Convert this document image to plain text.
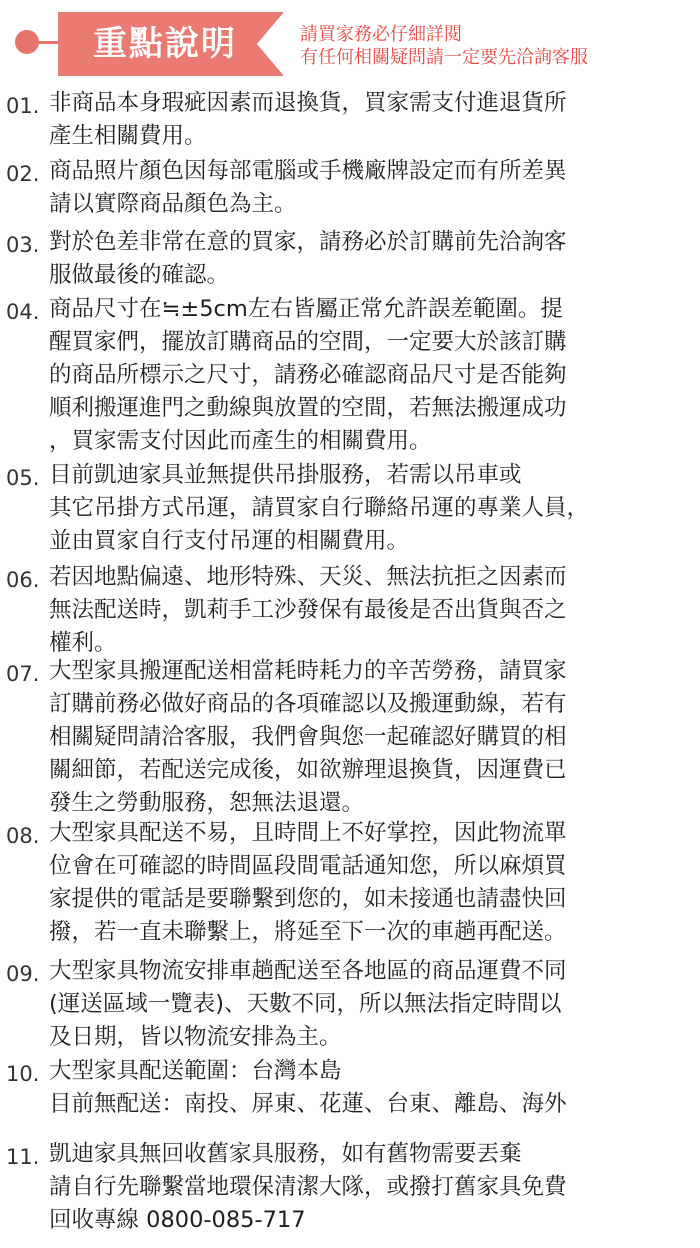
重點說明	請買家務必仔細詳閱
有任何相關疑問請一定要先洽詢客服
01. 非商品本身瑕疵因素而退換貨，買家需支付進退貨所
產生相關費用。
02. 商品照片顏色因每部電腦或手機廠牌設定而有所差異
請以實際商品顏色為主。
03. 對於色差非常在意的買家，請務必於訂購前先洽詢客
服做最後的確認。
04. 商品尺寸在≒±5cm左右皆屬正常允許誤差範圍。提
醒買家們，擺放訂購商品的空間，一定要大於該訂購
的商品所標示之尺寸，請務必確認商品尺寸是否能夠
順利搬運進門之動線與放置的空間，若無法搬運成功
，買家需支付因此而產生的相關費用。
05. 目前凱迪家具並無提供吊掛服務，若需以吊車或
其它吊掛方式吊運，請買家自行聯絡吊運的專業人員，
並由買家自行支付吊運的相關費用。
06. 若因地點偏遠、地形特殊、天災、無法抗拒之因素而
無法配送時，凱莉手工沙發保有最後是否出貨與否之
權利。
07. 大型家具搬運配送相當耗時耗力的辛苦勞務，請買家
訂購前務必做好商品的各項確認以及搬運動線，若有
相關疑問請洽客服，我們會與您一起確認好購買的相
關細節，若配送完成後，如欲辦理退換貨，因運費已
發生之勞動服務，恕無法退還。
08. 大型家具配送不易，且時間上不好掌控，因此物流單
位會在可確認的時間區段間電話通知您，所以麻煩買
家提供的電話是要聯繫到您的，如未接通也請盡快回
撥，若一直未聯繫上，將延至下一次的車趟再配送。
09. 大型家具物流安排車趟配送至各地區的商品運費不同
(運送區域一覽表)、天數不同，所以無法指定時間以
及日期，皆以物流安排為主。
10. 大型家具配送範圍：台灣本島
目前無配送：南投、屏東、花蓮、台東、離島、海外
11. 凱迪家具無回收舊家具服務，如有舊物需要丟棄
請自行先聯繫當地環保清潔大隊，或撥打舊家具免費
回收專線 0800-085-717
